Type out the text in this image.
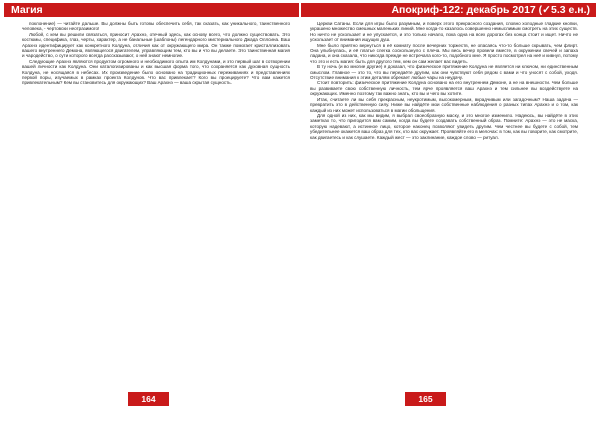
Магия

поклонение) — читайте дальше. Вы должны быть готовы обеспечить себя, так сказать, как уникального, таинственного человека, - чертовски неотразимого!

Любой, с кем вы решили связаться, приносит Арахнэ, отечный здесь, как основу всего, что должно существовать. Это костюмы, специфика, глаз, черты, характер, а не банальные (шаблоны) легендарного мистериального Джада Оллсина. Ваш Арахнэ идентифицирует как конкретного Колдуна, отличия как от окружающего мира. Он также помогает кристаллизовать вашего внутреннего Демона, являющегося двигателем, управляющим тем, кто вы и что вы делаете. Это таинственная магия и чародейство, о сути которого всегда рассказывают, о ней знают немногие.

Следующие Арахнэ являются продуктом огромного и необходимого опыта им Колдунами, и это первый шаг в сотворении вашей личности как Колдуна. Они каталогизированы и как высшая форма того, что сохраняется как духовная сущность Колдуна, не носящаяся в небесах. Их произведение было основано на традиционных переживаниях и представлениях первой поры, изучаемых в рамках проекта Колдунов. Что вас привлекает? Кого вы проецируете? Что вам кажется привлекательным? Кем вы становитесь для окружающих? Ваш Арахнэ — ваша скрытая сущность.

164
Апокриф-122: декабрь 2017 (✓5.3 е.н.)

Церкви Сатаны. Если для игры было разумным, и поверх этого прекрасного создания, словно холодные гладкие кнопки, украшено множество смешных маленьких линий. Мне когда-то казалось совершенно немыслимым смотреть на этих существ. Но ничто не ускользает и не упускается, и это только начало, пока одна на всех дорогах без конца стоит и ищет. Ничто не ускользает от внимания ищущих душ.

Мне было приятно вернуться в её комнату после вечерних торжеств, не опасаясь что-то больше скрывать, чем флирт. Она улыбнулась, и её платье слегка соскользнуло с плеча. Мы весь вечер провели вместе, в окружении свечей и запаха ладана, и она сказала, что никогда прежде не встречала кого-то, подобного мне. Я просто посмотрел на неё и кивнул, потому что это и есть магия: быть для другого тем, кем он сам желает вас видеть.

В ту ночь (и во многие другие) я доказал, что физическое притяжение Колдуна не является ни ключом, ни единственным смыслом. Главное — это то, что вы передаёте другим, как они чувствуют себя рядом с вами и что уносят с собой, уходя. Отсутствие внимания к этим деталям обрекает любые чары на неудачу.

Стоит повторить: физическое притяжение Колдуна основано на его внутреннем Демоне, а не на внешности. Чем больше вы развиваете свою собственную личность, тем ярче проявляется ваш Арахнэ и тем сильнее вы воздействуете на окружающих. Именно поэтому так важно знать, кто вы и чего вы хотите.

Итак, считаете ли вы себя прекрасным, неукротимым, высокомерным, вкрадчивым или загадочным? Наша задача — превратить это в действенную силу. Ниже вы найдёте мои собственные наблюдения о разных типах Арахнэ и о том, как каждый из них может использоваться в магии обольщения.

Для одной из них, как мы видим, я выбрал своеобразную маску, и это многое изменило. Надеюсь, вы найдёте в этих заметках то, что пригодится вам самим, когда вы будете создавать собственный образ. Помните: Арахнэ — это не маска, которую надевают, а истинное лицо, которое наконец позволяют увидеть другим. Чем честнее вы будете с собой, тем убедительнее окажется ваш образ для тех, кто вас окружает. Проявляйте его в мелочах: в том, как вы говорите, как смотрите, как двигаетесь и как слушаете. Каждый жест — это заклинание, каждое слово — ритуал.

165
